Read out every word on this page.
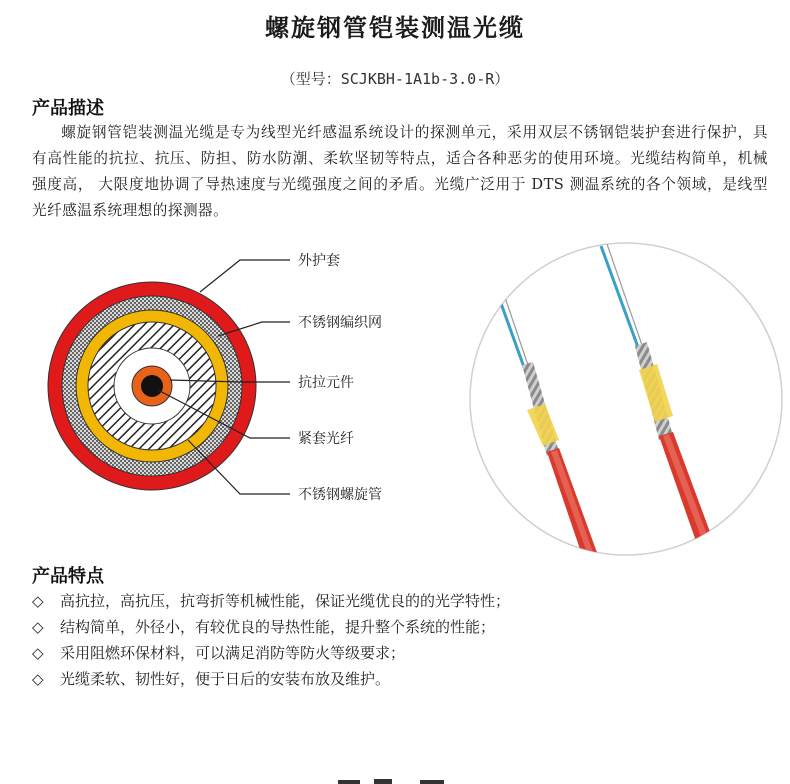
螺旋钢管铠装测温光缆
（型号：SCJKBH-1A1b-3.0-R）
产品描述
螺旋钢管铠装测温光缆是专为线型光纤感温系统设计的探测单元，采用双层不锈钢铠装护套进行保护，具有高性能的抗拉、抗压、防担、防水防潮、柔软坚韧等特点，适合各种恶劣的使用环境。光缆结构简单，机械强度高， 大限度地协调了导热速度与光缆强度之间的矛盾。光缆广泛用于 DTS 测温系统的各个领域，是线型光纤感温系统理想的探测器。
外护套
不锈钢编织网
抗拉元件
紧套光纤
不锈钢螺旋管
产品特点
◇	高抗拉，高抗压，抗弯折等机械性能，保证光缆优良的的光学特性；
◇	结构简单，外径小，有较优良的导热性能，提升整个系统的性能；
◇	采用阻燃环保材料，可以满足消防等防火等级要求；
◇	光缆柔软、韧性好，便于日后的安装布放及维护。
